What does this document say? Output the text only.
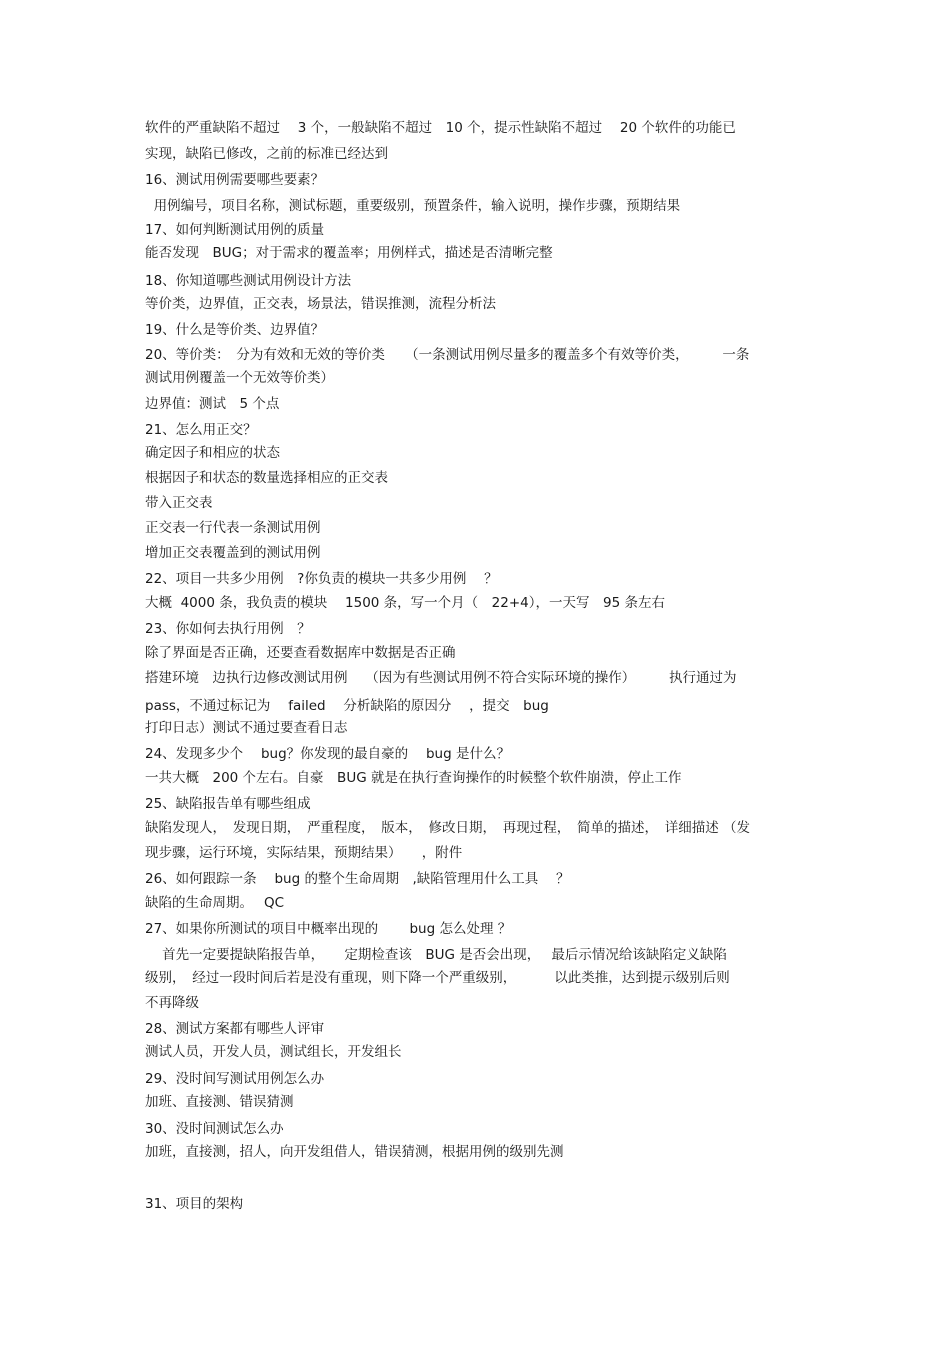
软件的严重缺陷不超过　 3 个，一般缺陷不超过　10 个，提示性缺陷不超过　 20 个软件的功能已
实现，缺陷已修改，之前的标准已经达到
16、测试用例需要哪些要素？
用例编号，项目名称，测试标题，重要级别，预置条件，输入说明，操作步骤，预期结果
17、如何判断测试用例的质量
能否发现　BUG；对于需求的覆盖率；用例样式，描述是否清晰完整
18、你知道哪些测试用例设计方法
等价类，边界值，正交表，场景法，错误推测，流程分析法
19、什么是等价类、边界值？
20、等价类：　分为有效和无效的等价类　　（一条测试用例尽量多的覆盖多个有效等价类，　　　一条
测试用例覆盖一个无效等价类）
边界值：测试　5 个点
21、怎么用正交？
确定因子和相应的状态
根据因子和状态的数量选择相应的正交表
带入正交表
正交表一行代表一条测试用例
增加正交表覆盖到的测试用例
22、项目一共多少用例　?你负责的模块一共多少用例　 ？
大概  4000 条，我负责的模块　 1500 条，写一个月（　22+4），一天写　95 条左右
23、你如何去执行用例　？
除了界面是否正确，还要查看数据库中数据是否正确
搭建环境　边执行边修改测试用例　 （因为有些测试用例不符合实际环境的操作）　　　执行通过为
pass，不通过标记为　 failed　 分析缺陷的原因分　 ，提交　bug
打印日志）测试不通过要查看日志
24、发现多少个　 bug？你发现的最自豪的　 bug 是什么？
一共大概　200 个左右。自豪　BUG 就是在执行查询操作的时候整个软件崩溃，停止工作
25、缺陷报告单有哪些组成
缺陷发现人，　发现日期，　严重程度，　版本，　修改日期，　再现过程，　简单的描述，　详细描述 （发
现步骤，运行环境，实际结果，预期结果）　　，附件
26、如何跟踪一条　 bug 的整个生命周期　,缺陷管理用什么工具　 ？
缺陷的生命周期。　 QC
27、如果你所测试的项目中概率出现的　　 bug 怎么处理 ？
首先一定要提缺陷报告单，　　定期检查该　BUG 是否会出现，　 最后示情况给该缺陷定义缺陷
级别，　经过一段时间后若是没有重现，则下降一个严重级别，　　　 以此类推，达到提示级别后则
不再降级
28、测试方案都有哪些人评审
测试人员，开发人员，测试组长，开发组长
29、没时间写测试用例怎么办
加班、直接测、错误猜测
30、没时间测试怎么办
加班，直接测，招人，向开发组借人，错误猜测，根据用例的级别先测
31、项目的架构
